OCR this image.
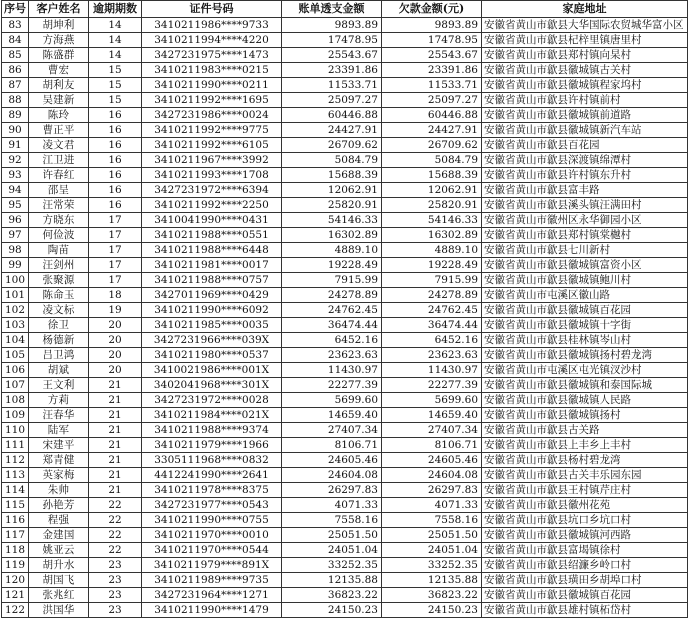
序号	客户姓名	逾期期数	证件号码	账单透支金额	欠款金额(元)	家庭地址
83	胡坤利	14	3410211986****9733	9893.89	9893.89	安徽省黄山市歙县大华国际农贸城华富小区
84	方海燕	14	3410211994****4220	17478.95	17478.95	安徽省黄山市歙县杞梓里镇唐里村
85	陈盛群	14	3427231975****1473	25543.67	25543.67	安徽省黄山市歙县郑村镇向杲村
86	曹宏	15	3410211983****0215	23391.86	23391.86	安徽省黄山市歙县徽城镇古关村
87	胡利友	15	3410211990****0211	11533.71	11533.71	安徽省黄山市歙县徽城镇程家坞村
88	吴建新	15	3410211992****1695	25097.27	25097.27	安徽省黄山市歙县许村镇前村
89	陈玲	16	3427231986****0024	60446.88	60446.88	安徽省黄山市歙县徽城镇前道路
90	曹正平	16	3410211992****9775	24427.91	24427.91	安徽省黄山市歙县徽城镇新汽车站
91	凌文君	16	3410211992****6105	26709.62	26709.62	安徽省黄山市歙县百花园
92	江卫进	16	3410211967****3992	5084.79	5084.79	安徽省黄山市歙县深渡镇绵潭村
93	许春红	16	3410211993****1708	15688.39	15688.39	安徽省黄山市歙县许村镇东升村
94	邵呈	16	3427231972****6394	12062.91	12062.91	安徽省黄山市歙县富丰路
95	汪常荣	16	3410211992****2250	25820.91	25820.91	安徽省黄山市歙县溪头镇汪满田村
96	方晓东	17	3410041990****0431	54146.33	54146.33	安徽省黄山市徽州区永华御园小区
97	何俭波	17	3410211988****0551	16302.89	16302.89	安徽省黄山市歙县郑村镇棠樾村
98	陶苗	17	3410211988****6448	4889.10	4889.10	安徽省黄山市歙县七川新村
99	汪剑州	17	3410211981****0017	19228.49	19228.49	安徽省黄山市歙县徽城镇富资小区
100	张聚源	17	3410211988****0757	7915.99	7915.99	安徽省黄山市歙县徽城镇鲍川村
101	陈命玉	18	3427011969****0429	24278.89	24278.89	安徽省黄山市屯溪区徽山路
102	凌文标	19	3410211990****6092	24762.45	24762.45	安徽省黄山市歙县徽城镇百花园
103	徐卫	20	3410211985****0035	36474.44	36474.44	安徽省黄山市歙县徽城镇十字街
104	杨德新	20	3427231966****039X	6452.16	6452.16	安徽省黄山市歙县桂林镇岑山村
105	吕卫鸿	20	3410211980****0537	23623.63	23623.63	安徽省黄山市歙县徽城镇扬村碧龙湾
106	胡斌	20	3410021986****001X	11430.97	11430.97	安徽省黄山市屯溪区屯光镇汊沙村
107	王文利	21	3402041968****301X	22277.39	22277.39	安徽省黄山市歙县徽城镇和泰国际城
108	方莉	21	3427231972****0028	5699.60	5699.60	安徽省黄山市歙县徽城镇人民路
109	汪春华	21	3410211984****021X	14659.40	14659.40	安徽省黄山市歙县徽城镇扬村
110	陆军	21	3410211988****9374	27407.34	27407.34	安徽省黄山市歙县古关路
111	宋建平	21	3410211979****1966	8106.71	8106.71	安徽省黄山市歙县上丰乡上丰村
112	郑青健	21	3305111968****0832	24605.46	24605.46	安徽省黄山市歙县杨村碧龙湾
113	英家梅	21	4412241990****2641	24604.08	24604.08	安徽省黄山市歙县古关丰乐园东园
114	朱帅	21	3410211978****8375	26297.83	26297.83	安徽省黄山市歙县王村镇芹庄村
115	孙艳芳	22	3427231977****0543	4071.33	4071.33	安徽省黄山市歙县徽州花苑
116	程强	22	3410211990****0755	7558.16	7558.16	安徽省黄山市歙县坑口乡坑口村
117	金建国	22	3410211970****0010	25051.50	25051.50	安徽省黄山市歙县徽城镇河西路
118	姚亚云	22	3410211970****0544	24051.04	24051.04	安徽省黄山市歙县富堨镇徐村
119	胡升水	23	3410211979****891X	33252.35	33252.35	安徽省黄山市歙县绍濂乡岭口村
120	胡国飞	23	3410211989****9735	12135.88	12135.88	安徽省黄山市歙县璜田乡胡埠口村
121	张兆红	23	3427231964****1271	36823.22	36823.22	安徽省黄山市歙县徽城镇百花园
122	洪国华	23	3410211990****1479	24150.23	24150.23	安徽省黄山市歙县雄村镇柘岱村
